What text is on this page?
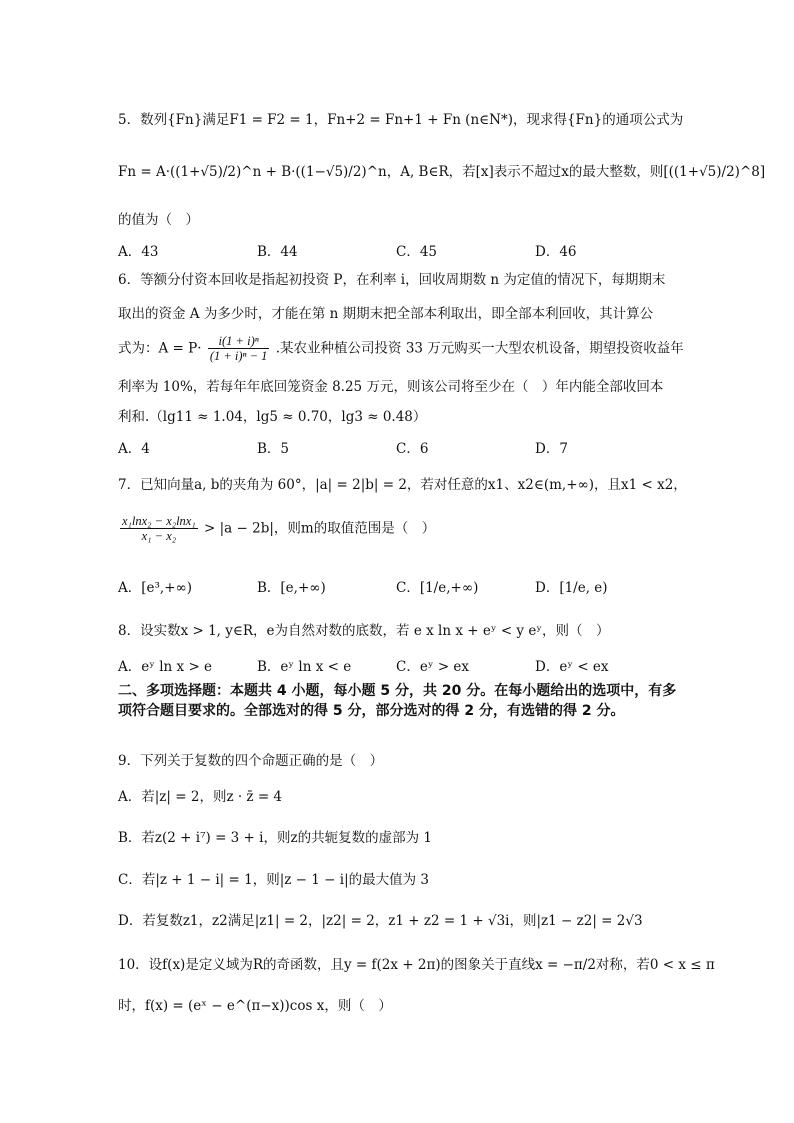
5．数列{Fn}满足F1 = F2 = 1，Fn+2 = Fn+1 + Fn (n∈N*)，现求得{Fn}的通项公式为
Fn = A·((1+√5)/2)^n + B·((1−√5)/2)^n，A, B∈R，若[x]表示不超过x的最大整数，则[((1+√5)/2)^8]
的值为（　）
A．43	B．44	C．45	D．46
6．等额分付资本回收是指起初投资 P，在利率 i，回收周期数 n 为定值的情况下，每期期末
取出的资金 A 为多少时，才能在第 n 期期末把全部本利取出，即全部本利回收，其计算公
式为：$A = P\cdot \frac{\text{i(1 + i)ⁿ}}{\text{(1 + i)ⁿ − 1}}$ .某农业种植公司投资 33 万元购买一大型农机设备，期望投资收益年
利率为 10%，若每年年底回笼资金 8.25 万元，则该公司将至少在（　）年内能全部收回本
利和.（lg11 ≈ 1.04，lg5 ≈ 0.70，lg3 ≈ 0.48）
A．4	B．5	C．6	D．7
7．已知向量a, b的夹角为 60°，|a| = 2|b| = 2，若对任意的x1、x2∈(m,+∞)，且x1 < x2，
$\frac{\text{x₁lnx₂ − x₂lnx₁}}{\text{x₁ − x₂}} > |a - 2b|$，则m的取值范围是（　）
A．[e³,+∞)	B．[e,+∞)	C．[1/e,+∞)	D．[1/e, e)
8．设实数x > 1, y∈R，e为自然对数的底数，若 e x ln x + eʸ < y eʸ，则（　）
A．eʸ ln x > e	B．eʸ ln x < e	C．eʸ > ex	D．eʸ < ex
二、多项选择题：本题共 4 小题，每小题 5 分，共 20 分。在每小题给出的选项中，有多项符合题目要求的。全部选对的得 5 分，部分选对的得 2 分，有选错的得 2 分。
9．下列关于复数的四个命题正确的是（　）
A．若|z| = 2，则z · z̄ = 4
B．若z(2 + i⁷) = 3 + i，则z的共轭复数的虚部为 1
C．若|z + 1 − i| = 1，则|z − 1 − i|的最大值为 3
D．若复数z1，z2满足|z1| = 2，|z2| = 2，z1 + z2 = 1 + √3i，则|z1 − z2| = 2√3
10．设f(x)是定义域为R的奇函数，且y = f(2x + 2π)的图象关于直线x = −π/2对称，若0 < x ≤ π
时，f(x) = (eˣ − e^(π−x))cos x，则（　）
